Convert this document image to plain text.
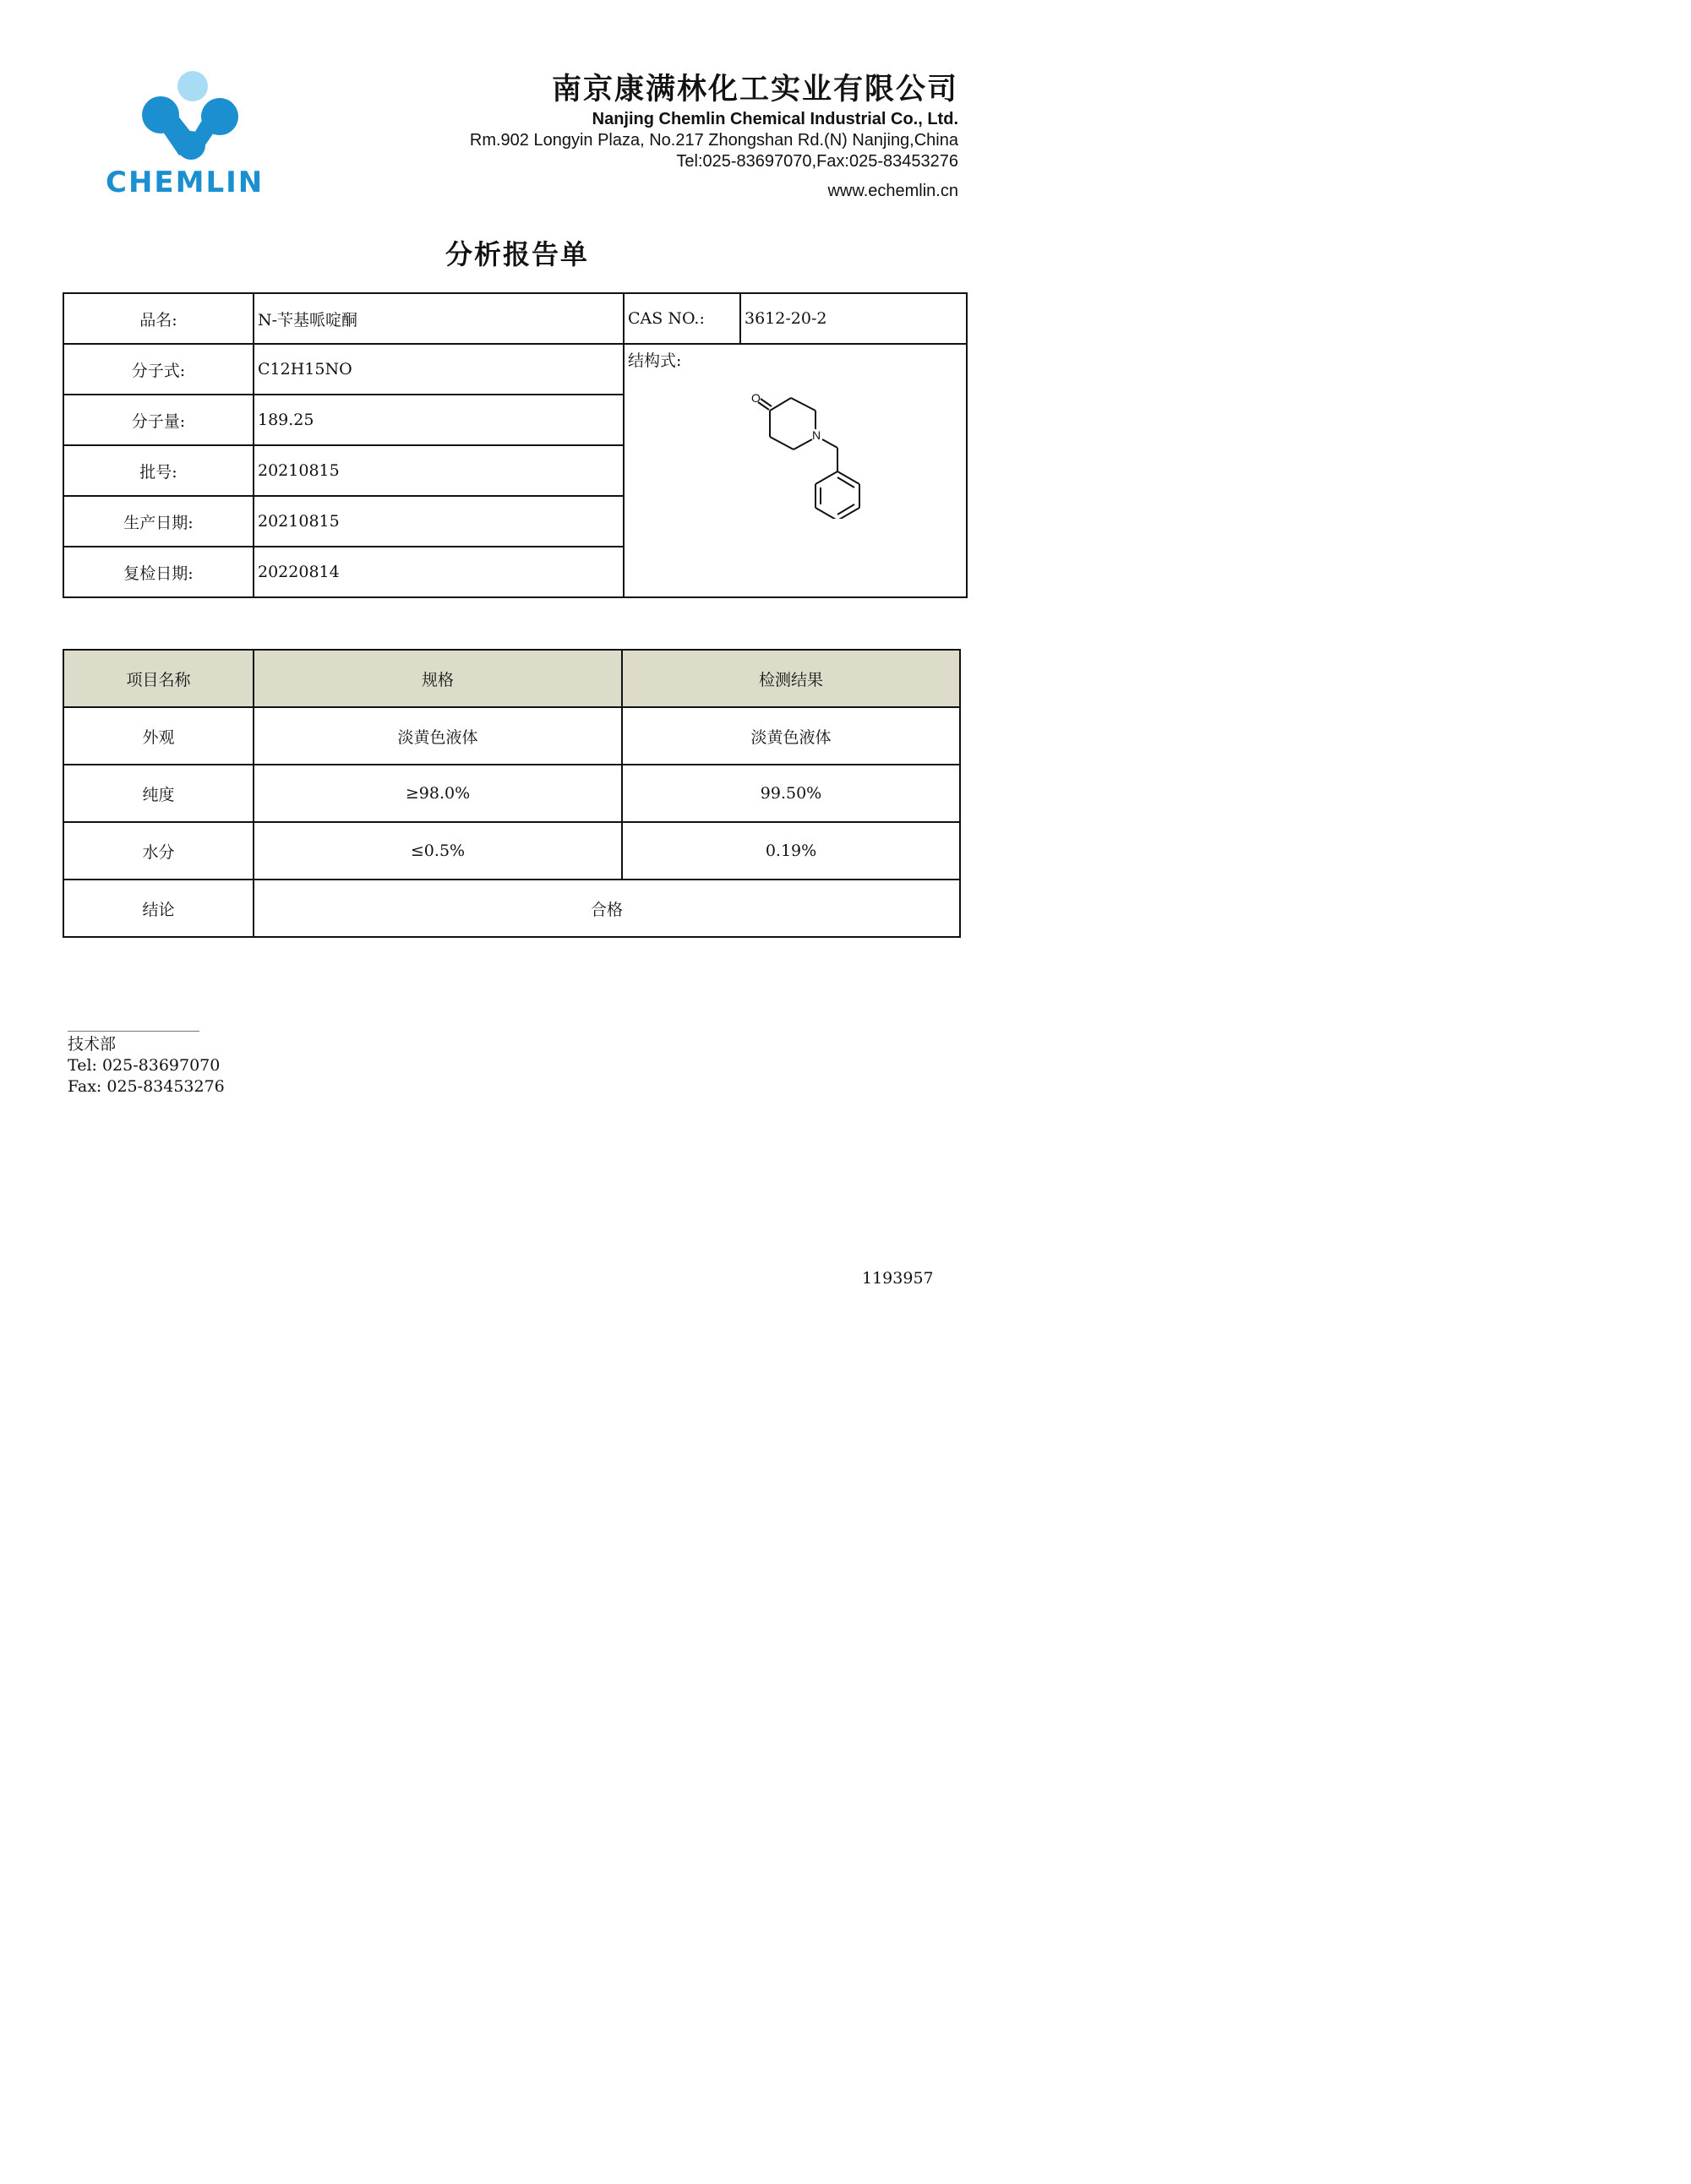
CHEMLIN
南京康满林化工实业有限公司
Nanjing Chemlin Chemical Industrial Co., Ltd.
Rm.902 Longyin Plaza, No.217 Zhongshan Rd.(N) Nanjing,China
Tel:025-83697070,Fax:025-83453276
www.echemlin.cn
分析报告单
品名:	N-苄基哌啶酮	CAS NO.:	3612-20-2
分子式:	C12H15NO	结构式:
O
N	

分子量:	189.25		
批号:	20210815		
生产日期:	20210815		
复检日期:	20220814		
项目名称	规格	检测结果
外观	淡黄色液体	淡黄色液体
纯度	≥98.0%	99.50%
水分	≤0.5%	0.19%
结论	合格	
技术部
Tel: 025-83697070
Fax: 025-83453276
1193957
